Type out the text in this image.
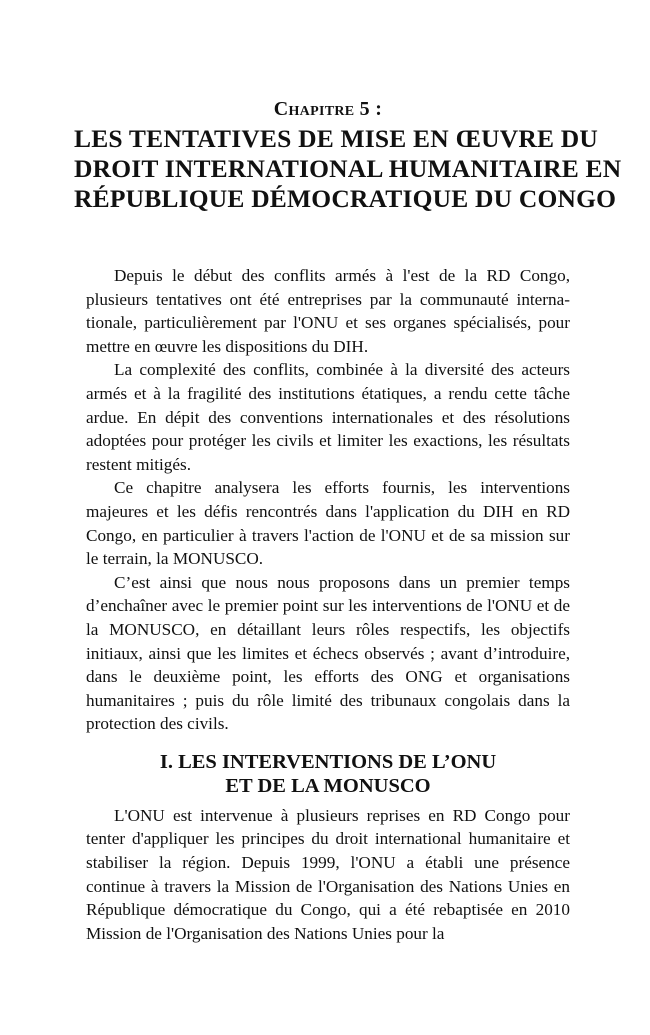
Chapitre 5 :

LES TENTATIVES DE MISE EN ŒUVRE DU
DROIT INTERNATIONAL HUMANITAIRE EN
RÉPUBLIQUE DÉMOCRATIQUE DU CONGO

Depuis le début des conflits armés à l'est de la RD Congo, plusieurs tentatives ont été entreprises par la communauté internationale, particulièrement par l'ONU et ses organes spécialisés, pour mettre en œuvre les dispositions du DIH.

La complexité des conflits, combinée à la diversité des acteurs armés et à la fragilité des institutions étatiques, a rendu cette tâche ardue. En dépit des conventions internationales et des résolutions adoptées pour protéger les civils et limiter les exactions, les résultats restent mitigés.

Ce chapitre analysera les efforts fournis, les interventions majeures et les défis rencontrés dans l'application du DIH en RD Congo, en particulier à travers l'action de l'ONU et de sa mission sur le terrain, la MONUSCO.

C’est ainsi que nous nous proposons dans un premier temps d’enchaîner avec le premier point sur les interventions de l'ONU et de la MONUSCO, en détaillant leurs rôles respectifs, les objectifs initiaux, ainsi que les limites et échecs observés ; avant d’introduire, dans le deuxième point, les efforts des ONG et organisations humanitaires ; puis du rôle limité des tribunaux congolais dans la protection des civils.

I. LES INTERVENTIONS DE L’ONU
ET DE LA MONUSCO

L'ONU est intervenue à plusieurs reprises en RD Congo pour tenter d'appliquer les principes du droit international humanitaire et stabiliser la région. Depuis 1999, l'ONU a établi une présence continue à travers la Mission de l'Organisation des Nations Unies en République démocratique du Congo, qui a été rebaptisée en 2010 Mission de l'Organisation des Nations Unies pour la
